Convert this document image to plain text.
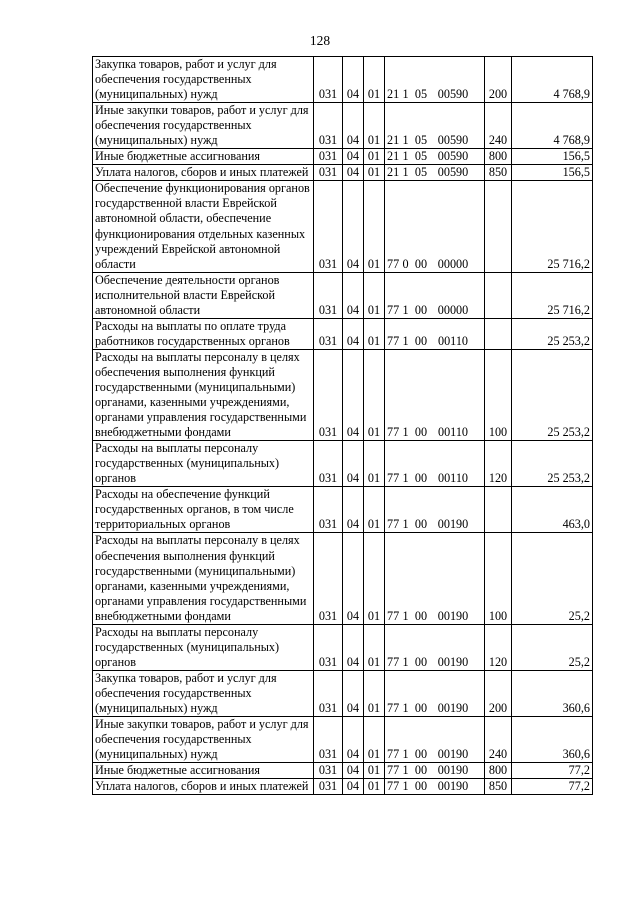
128
Закупка товаров, работ и услуг для обеспечения государственных (муниципальных) нужд	031	04	01	21 1 05 00590	200	4 768,9
Иные закупки товаров, работ и услуг для обеспечения государственных (муниципальных) нужд	031	04	01	21 1 05 00590	240	4 768,9
Иные бюджетные ассигнования	031	04	01	21 1 05 00590	800	156,5
Уплата налогов, сборов и иных платежей	031	04	01	21 1 05 00590	850	156,5
Обеспечение функционирования органов государственной власти Еврейской автономной области, обеспечение функционирования отдельных казенных учреждений Еврейской автономной области	031	04	01	77 0 00 00000		25 716,2
Обеспечение деятельности органов исполнительной власти Еврейской автономной области	031	04	01	77 1 00 00000		25 716,2
Расходы на выплаты по оплате труда работников государственных органов	031	04	01	77 1 00 00110		25 253,2
Расходы на выплаты персоналу в целях обеспечения выполнения функций государственными (муниципальными) органами, казенными учреждениями, органами управления государственными внебюджетными фондами	031	04	01	77 1 00 00110	100	25 253,2
Расходы на выплаты персоналу государственных (муниципальных) органов	031	04	01	77 1 00 00110	120	25 253,2
Расходы на обеспечение функций государственных органов, в том числе территориальных органов	031	04	01	77 1 00 00190		463,0
Расходы на выплаты персоналу в целях обеспечения выполнения функций государственными (муниципальными) органами, казенными учреждениями, органами управления государственными внебюджетными фондами	031	04	01	77 1 00 00190	100	25,2
Расходы на выплаты персоналу государственных (муниципальных) органов	031	04	01	77 1 00 00190	120	25,2
Закупка товаров, работ и услуг для обеспечения государственных (муниципальных) нужд	031	04	01	77 1 00 00190	200	360,6
Иные закупки товаров, работ и услуг для обеспечения государственных (муниципальных) нужд	031	04	01	77 1 00 00190	240	360,6
Иные бюджетные ассигнования	031	04	01	77 1 00 00190	800	77,2
Уплата налогов, сборов и иных платежей	031	04	01	77 1 00 00190	850	77,2
